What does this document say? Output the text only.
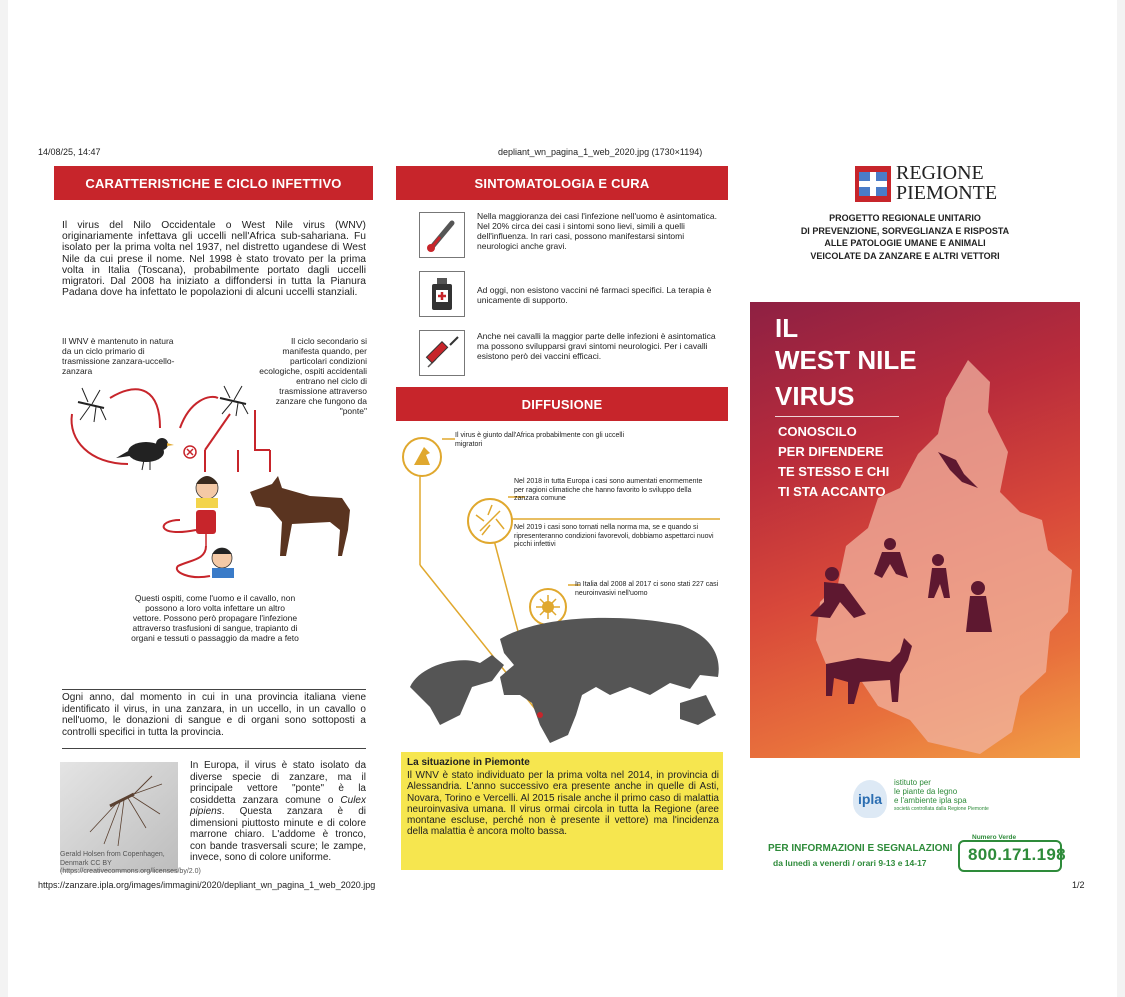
14/08/25, 14:47	depliant_wn_pagina_1_web_2020.jpg (1730×1194)
https://zanzare.ipla.org/images/immagini/2020/depliant_wn_pagina_1_web_2020.jpg	1/2
CARATTERISTICHE E CICLO INFETTIVO
Il virus del Nilo Occidentale o West Nile virus (WNV) originariamente infettava gli uccelli nell'Africa sub-sahariana. Fu isolato per la prima volta nel 1937, nel distretto ugandese di West Nile da cui prese il nome. Nel 1998 è stato trovato per la prima volta in Italia (Toscana), probabilmente portato dagli uccelli migratori. Dal 2008 ha iniziato a diffondersi in tutta la Pianura Padana dove ha infettato le popolazioni di alcuni uccelli stanziali.
Il WNV è mantenuto in natura da un ciclo primario di trasmissione zanzara-uccello-zanzara
Il ciclo secondario si manifesta quando, per particolari condizioni ecologiche, ospiti accidentali entrano nel ciclo di trasmissione attraverso zanzare che fungono da "ponte"
Questi ospiti, come l'uomo e il cavallo, non possono a loro volta infettare un altro vettore. Possono però propagare l'infezione attraverso trasfusioni di sangue, trapianto di organi e tessuti o passaggio da madre a feto
Ogni anno, dal momento in cui in una provincia italiana viene identificato il virus, in una zanzara, in un uccello, in un cavallo o nell'uomo, le donazioni di sangue e di organi sono sottoposti a controlli specifici in tutta la provincia.
Gerald Holsen from Copenhagen, Denmark CC BY (https://creativecommons.org/licenses/by/2.0)
In Europa, il virus è stato isolato da diverse specie di zanzare, ma il principale vettore "ponte" è la cosiddetta zanzara comune o Culex pipiens. Questa zanzara è di dimensioni piuttosto minute e di colore marrone chiaro. L'addome è tronco, con bande trasversali scure; le zampe, invece, sono di colore uniforme.
SINTOMATOLOGIA E CURA
Nella maggioranza dei casi l'infezione nell'uomo è asintomatica. Nel 20% circa dei casi i sintomi sono lievi, simili a quelli dell'influenza. In rari casi, possono manifestarsi sintomi neurologici anche gravi.
Ad oggi, non esistono vaccini né farmaci specifici. La terapia è unicamente di supporto.
Anche nei cavalli la maggior parte delle infezioni è asintomatica ma possono svilupparsi gravi sintomi neurologici. Per i cavalli esistono però dei vaccini efficaci.
DIFFUSIONE
Il virus è giunto dall'Africa probabilmente con gli uccelli migratori
Nel 2018 in tutta Europa i casi sono aumentati enormemente per ragioni climatiche che hanno favorito lo sviluppo della zanzara comune
Nel 2019 i casi sono tornati nella norma ma, se e quando si ripresenteranno condizioni favorevoli, dobbiamo aspettarci nuovi picchi infettivi
In Italia dal 2008 al 2017 ci sono stati 227 casi neuroinvasivi nell'uomo
La situazione in Piemonte
Il WNV è stato individuato per la prima volta nel 2014, in provincia di Alessandria. L'anno successivo era presente anche in quelle di Asti, Novara, Torino e Vercelli. Al 2015 risale anche il primo caso di malattia neuroinvasiva umana. Il virus ormai circola in tutta la Regione (aree montane escluse, perché non è presente il vettore) ma l'incidenza della malattia è ancora molto bassa.
REGIONE
PIEMONTE
PROGETTO REGIONALE UNITARIO
DI PREVENZIONE, SORVEGLIANZA E RISPOSTA
ALLE PATOLOGIE UMANE E ANIMALI
VEICOLATE DA ZANZARE E ALTRI VETTORI
IL
WEST NILE
VIRUS
CONOSCILO
PER DIFENDERE
TE STESSO E CHI
TI STA ACCANTO
ipla
istituto per
le piante da legno
e l'ambiente ipla spa
società controllata dalla Regione Piemonte
PER INFORMAZIONI E SEGNALAZIONI
da lunedì a venerdì / orari 9-13 e 14-17
Numero Verde
800.171.198
